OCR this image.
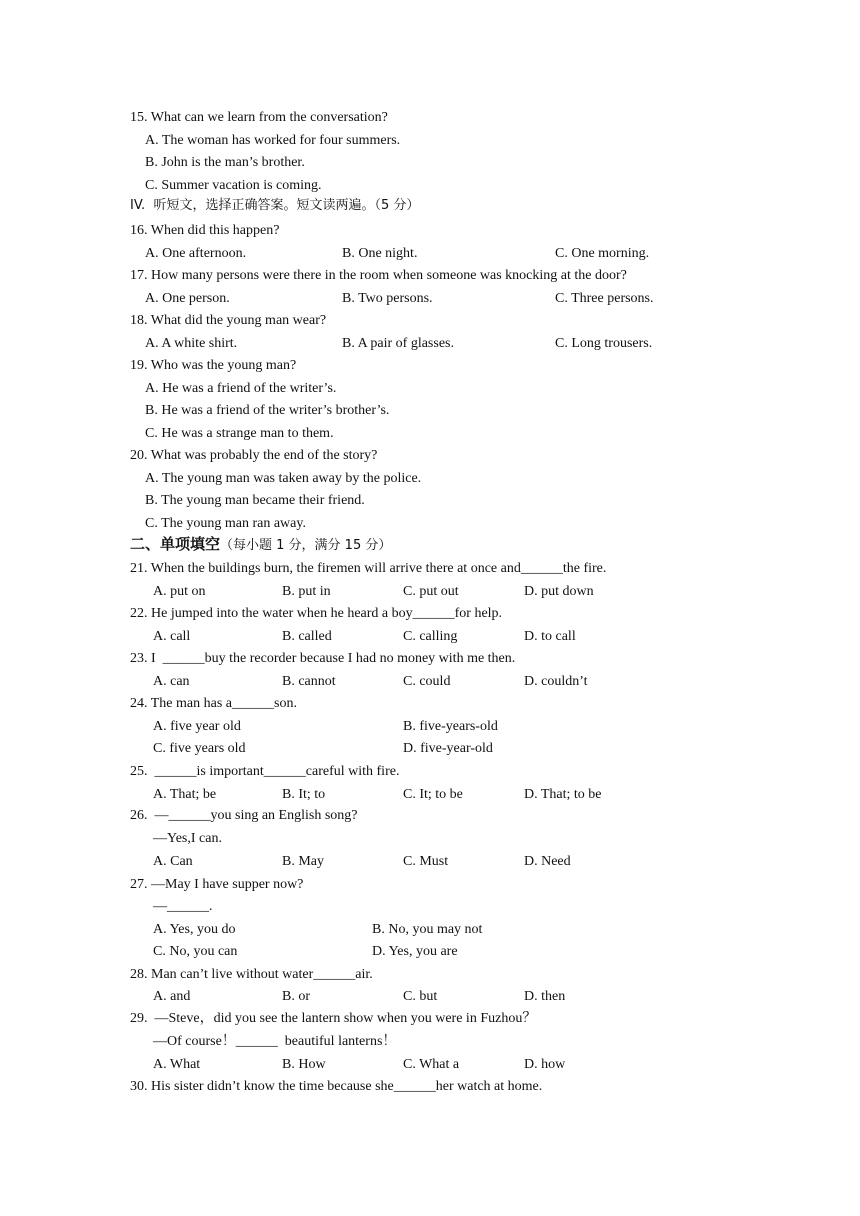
15. What can we learn from the conversation?
A. The woman has worked for four summers.
B. John is the man’s brother.
C. Summer vacation is coming.
IV.  听短文，选择正确答案。短文读两遍。（5 分）
16. When did this happen?
A. One afternoon.	B. One night.	C. One morning.
17. How many persons were there in the room when someone was knocking at the door?
A. One person.	B. Two persons.	C. Three persons.
18. What did the young man wear?
A. A white shirt.	B. A pair of glasses.	C. Long trousers.
19. Who was the young man?
A. He was a friend of the writer’s.
B. He was a friend of the writer’s brother’s.
C. He was a strange man to them.
20. What was probably the end of the story?
A. The young man was taken away by the police.
B. The young man became their friend.
C. The young man ran away.
二、单项填空（每小题 1 分，满分 15 分）
21. When the buildings burn, the firemen will arrive there at once and______the fire.
A. put on	B. put in	C. put out	D. put down
22. He jumped into the water when he heard a boy______for help.
A. call	B. called	C. calling	D. to call
23. I  ______buy the recorder because I had no money with me then.
A. can	B. cannot	C. could	D. couldn’t
24. The man has a______son.
A. five year old	B. five-years-old
C. five years old	D. five-year-old
25.  ______is important______careful with fire.
A. That; be	B. It; to	C. It; to be	D. That; to be
26.  —______you sing an English song?
—Yes,I can.
A. Can	B. May	C. Must	D. Need
27. —May I have supper now?
—______.
A. Yes, you do	B. No, you may not
C. No, you can	D. Yes, you are
28. Man can’t live without water______air.
A. and	B. or	C. but	D. then
29.  —Steve，did you see the lantern show when you were in Fuzhou？
—Of course！______  beautiful lanterns！
A. What	B. How	C. What a	D. how
30. His sister didn’t know the time because she______her watch at home.
